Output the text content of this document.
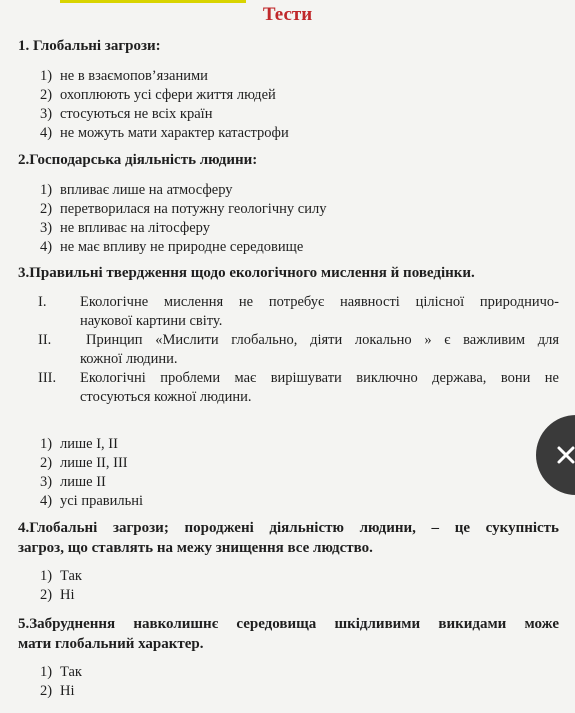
Тести
1. Глобальні загрози:
1) не в взаємопов’язаними
2) охоплюють усі сфери життя людей
3) стосуються не всіх країн
4) не можуть мати характер катастрофи
2.Господарська діяльність людини:
1) впливає лише на атмосферу
2) перетворилася на потужну геологічну силу
3) не впливає на літосферу
4) не має впливу не природне середовище
3.Правильні твердження щодо екологічного мислення й поведінки.
I. Екологічне мислення не потребує наявності цілісної природничо-
наукової картини світу.
II. Принцип «Мислити глобально, діяти локально » є важливим для
кожної людини.
III. Екологічні проблеми має вирішувати виключно держава, вони не
стосуються кожної людини.
1) лише І, ІІ
2) лише ІІ, ІІІ
3) лише ІІ
4) усі правильні
4.Глобальні загрози; породжені діяльністю людини, – це сукупність
загроз, що ставлять на межу знищення все людство.
1) Так
2) Ні
5.Забруднення навколишнє середовища шкідливими викидами може
мати глобальний характер.
1) Так
2) Ні
